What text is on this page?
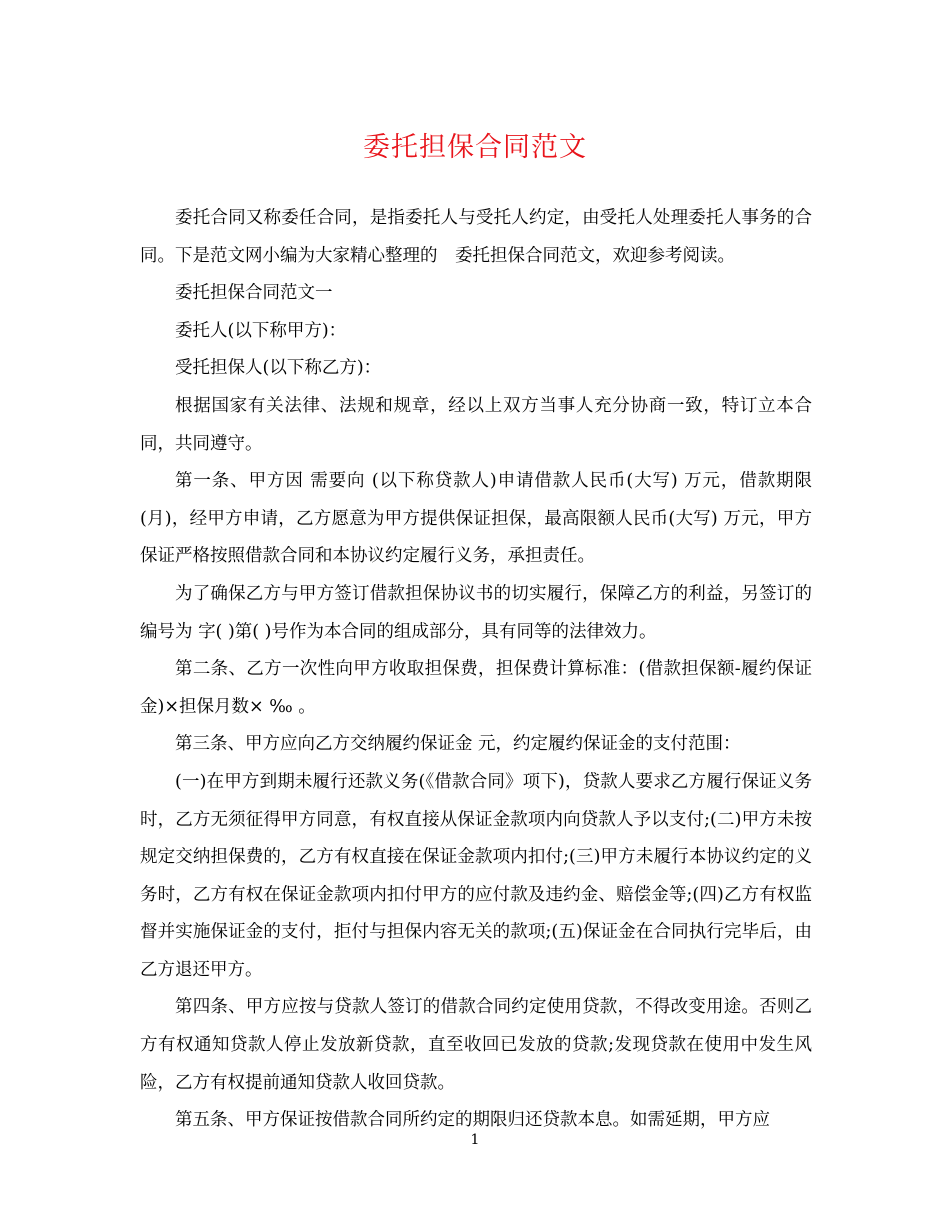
委托担保合同范文

委托合同又称委任合同，是指委托人与受托人约定，由受托人处理委托人事务的合同。下是范文网小编为大家精心整理的　委托担保合同范文，欢迎参考阅读。

委托担保合同范文一

委托人(以下称甲方)：

受托担保人(以下称乙方)：

根据国家有关法律、法规和规章，经以上双方当事人充分协商一致，特订立本合同，共同遵守。

第一条、甲方因 需要向 (以下称贷款人)申请借款人民币(大写) 万元，借款期限 (月)，经甲方申请，乙方愿意为甲方提供保证担保，最高限额人民币(大写) 万元，甲方保证严格按照借款合同和本协议约定履行义务，承担责任。

为了确保乙方与甲方签订借款担保协议书的切实履行，保障乙方的利益，另签订的编号为 字( )第( )号作为本合同的组成部分，具有同等的法律效力。

第二条、乙方一次性向甲方收取担保费，担保费计算标准：(借款担保额-履约保证金)×担保月数× ‰ 。

第三条、甲方应向乙方交纳履约保证金 元，约定履约保证金的支付范围：

(一)在甲方到期未履行还款义务(《借款合同》项下)，贷款人要求乙方履行保证义务时，乙方无须征得甲方同意，有权直接从保证金款项内向贷款人予以支付;(二)甲方未按规定交纳担保费的，乙方有权直接在保证金款项内扣付;(三)甲方未履行本协议约定的义务时，乙方有权在保证金款项内扣付甲方的应付款及违约金、赔偿金等;(四)乙方有权监督并实施保证金的支付，拒付与担保内容无关的款项;(五)保证金在合同执行完毕后，由乙方退还甲方。

第四条、甲方应按与贷款人签订的借款合同约定使用贷款，不得改变用途。否则乙方有权通知贷款人停止发放新贷款，直至收回已发放的贷款;发现贷款在使用中发生风险，乙方有权提前通知贷款人收回贷款。

第五条、甲方保证按借款合同所约定的期限归还贷款本息。如需延期，甲方应

1
